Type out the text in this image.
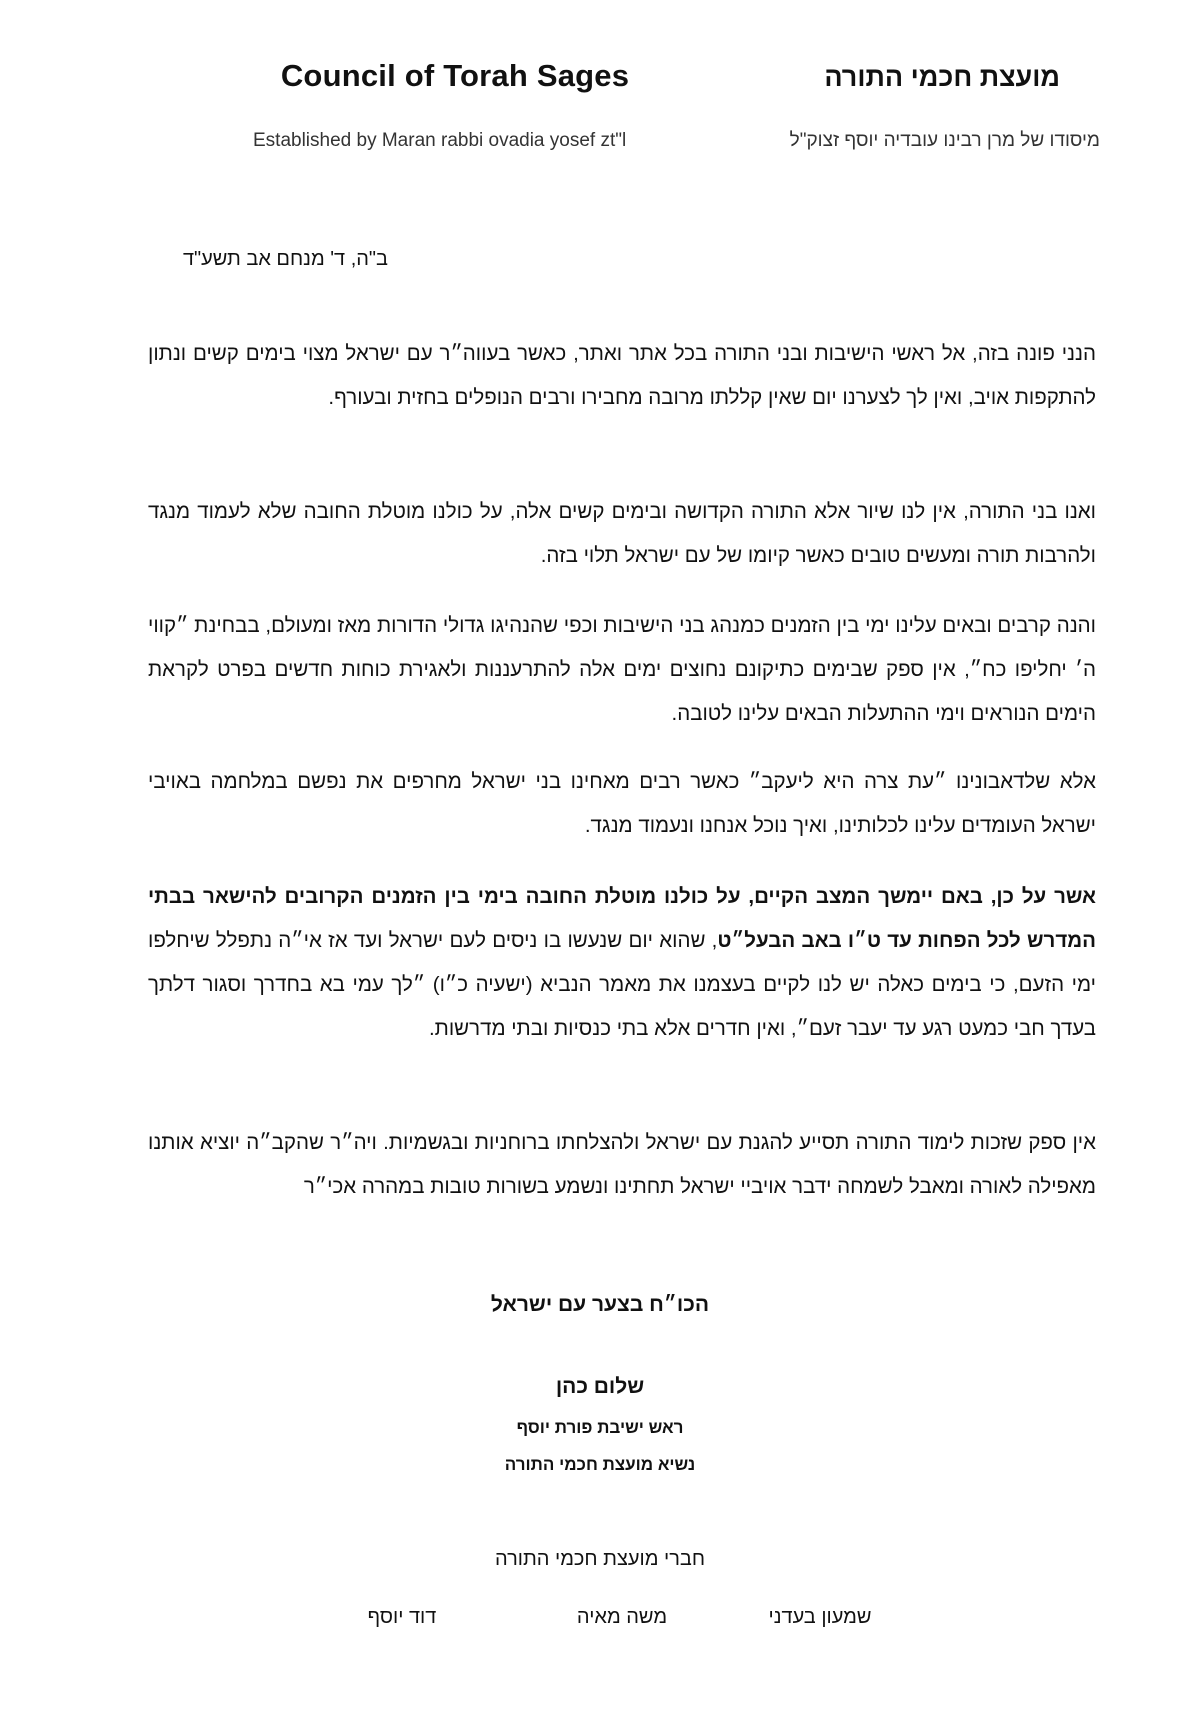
Council of Torah Sages	מועצת חכמי התורה
Established by Maran rabbi ovadia yosef zt"l	מיסודו של מרן רבינו עובדיה יוסף זצוק"ל
ב"ה, ד' מנחם אב תשע"ד

הנני פונה בזה, אל ראשי הישיבות ובני התורה בכל אתר ואתר, כאשר בעווה״ר עם ישראל מצוי בימים קשים ונתון להתקפות אויב, ואין לך לצערנו יום שאין קללתו מרובה מחבירו ורבים הנופלים בחזית ובעורף.

ואנו בני התורה, אין לנו שיור אלא התורה הקדושה ובימים קשים אלה, על כולנו מוטלת החובה שלא לעמוד מנגד ולהרבות תורה ומעשים טובים כאשר קיומו של עם ישראל תלוי בזה.

והנה קרבים ובאים עלינו ימי בין הזמנים כמנהג בני הישיבות וכפי שהנהיגו גדולי הדורות מאז ומעולם, בבחינת ״קווי ה׳ יחליפו כח״, אין ספק שבימים כתיקונם נחוצים ימים אלה להתרעננות ולאגירת כוחות חדשים בפרט לקראת הימים הנוראים וימי ההתעלות הבאים עלינו לטובה.

אלא שלדאבונינו ״עת צרה היא ליעקב״ כאשר רבים מאחינו בני ישראל מחרפים את נפשם במלחמה באויבי ישראל העומדים עלינו לכלותינו, ואיך נוכל אנחנו ונעמוד מנגד.

אשר על כן, באם יימשך המצב הקיים, על כולנו מוטלת החובה בימי בין הזמנים הקרובים להישאר בבתי המדרש לכל הפחות עד ט״ו באב הבעל״ט, שהוא יום שנעשו בו ניסים לעם ישראל ועד אז אי״ה נתפלל שיחלפו ימי הזעם, כי בימים כאלה יש לנו לקיים בעצמנו את מאמר הנביא (ישעיה כ״ו) ״לך עמי בא בחדרך וסגור דלתך בעדך חבי כמעט רגע עד יעבר זעם״, ואין חדרים אלא בתי כנסיות ובתי מדרשות.

אין ספק שזכות לימוד התורה תסייע להגנת עם ישראל ולהצלחתו ברוחניות ובגשמיות. ויה״ר שהקב״ה יוציא אותנו מאפילה לאורה ומאבל לשמחה ידבר אויביי ישראל תחתינו ונשמע בשורות טובות במהרה אכי״ר

הכו״ח בצער עם ישראל
שלום כהן
ראש ישיבת פורת יוסף
נשיא מועצת חכמי התורה
חברי מועצת חכמי התורה
שמעון בעדני
משה מאיה
דוד יוסף
